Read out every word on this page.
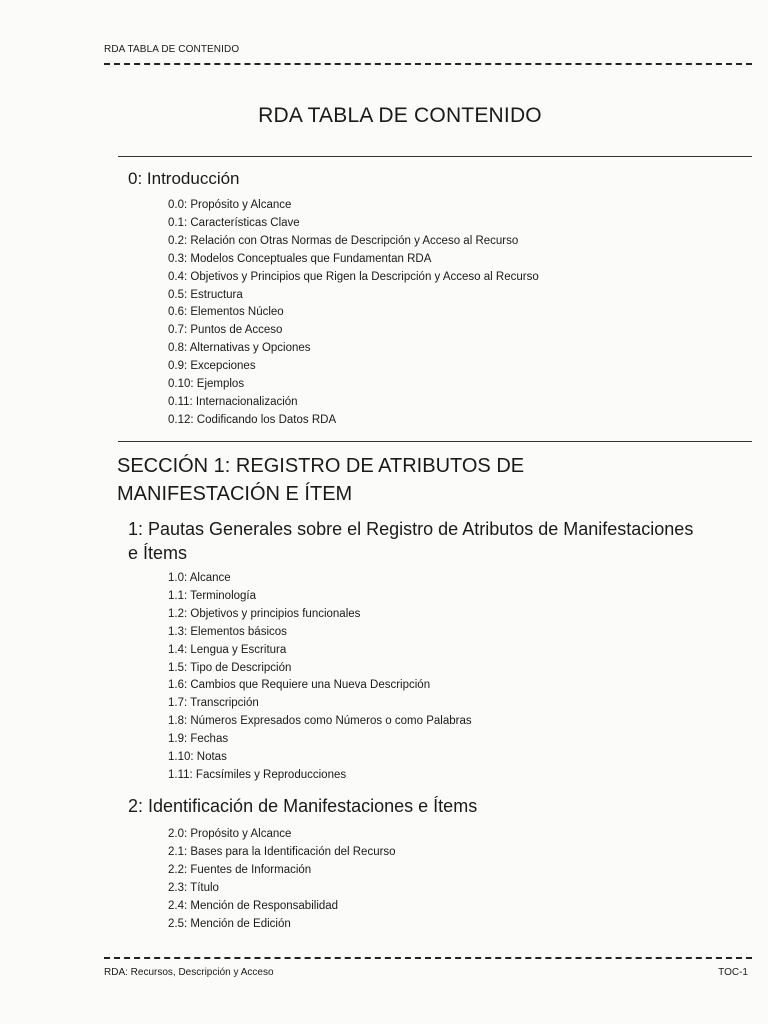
RDA TABLA DE CONTENIDO
RDA TABLA DE CONTENIDO
0: Introducción
0.0: Propósito y Alcance
0.1: Características Clave
0.2: Relación con Otras Normas de Descripción y Acceso al Recurso
0.3: Modelos Conceptuales que Fundamentan RDA
0.4: Objetivos y Principios que Rigen la Descripción y Acceso al Recurso
0.5: Estructura
0.6: Elementos Núcleo
0.7: Puntos de Acceso
0.8: Alternativas y Opciones
0.9: Excepciones
0.10: Ejemplos
0.11: Internacionalización
0.12: Codificando los Datos RDA
SECCIÓN 1: REGISTRO DE ATRIBUTOS DE
MANIFESTACIÓN E ÍTEM
1: Pautas Generales sobre el Registro de Atributos de Manifestaciones
e Ítems
1.0: Alcance
1.1: Terminología
1.2: Objetivos y principios funcionales
1.3: Elementos básicos
1.4: Lengua y Escritura
1.5: Tipo de Descripción
1.6: Cambios que Requiere una Nueva Descripción
1.7: Transcripción
1.8: Números Expresados como Números o como Palabras
1.9: Fechas
1.10: Notas
1.11: Facsímiles y Reproducciones
2: Identificación de Manifestaciones e Ítems
2.0: Propósito y Alcance
2.1: Bases para la Identificación del Recurso
2.2: Fuentes de Información
2.3: Título
2.4: Mención de Responsabilidad
2.5: Mención de Edición
RDA: Recursos, Descripción y Acceso	TOC-1
